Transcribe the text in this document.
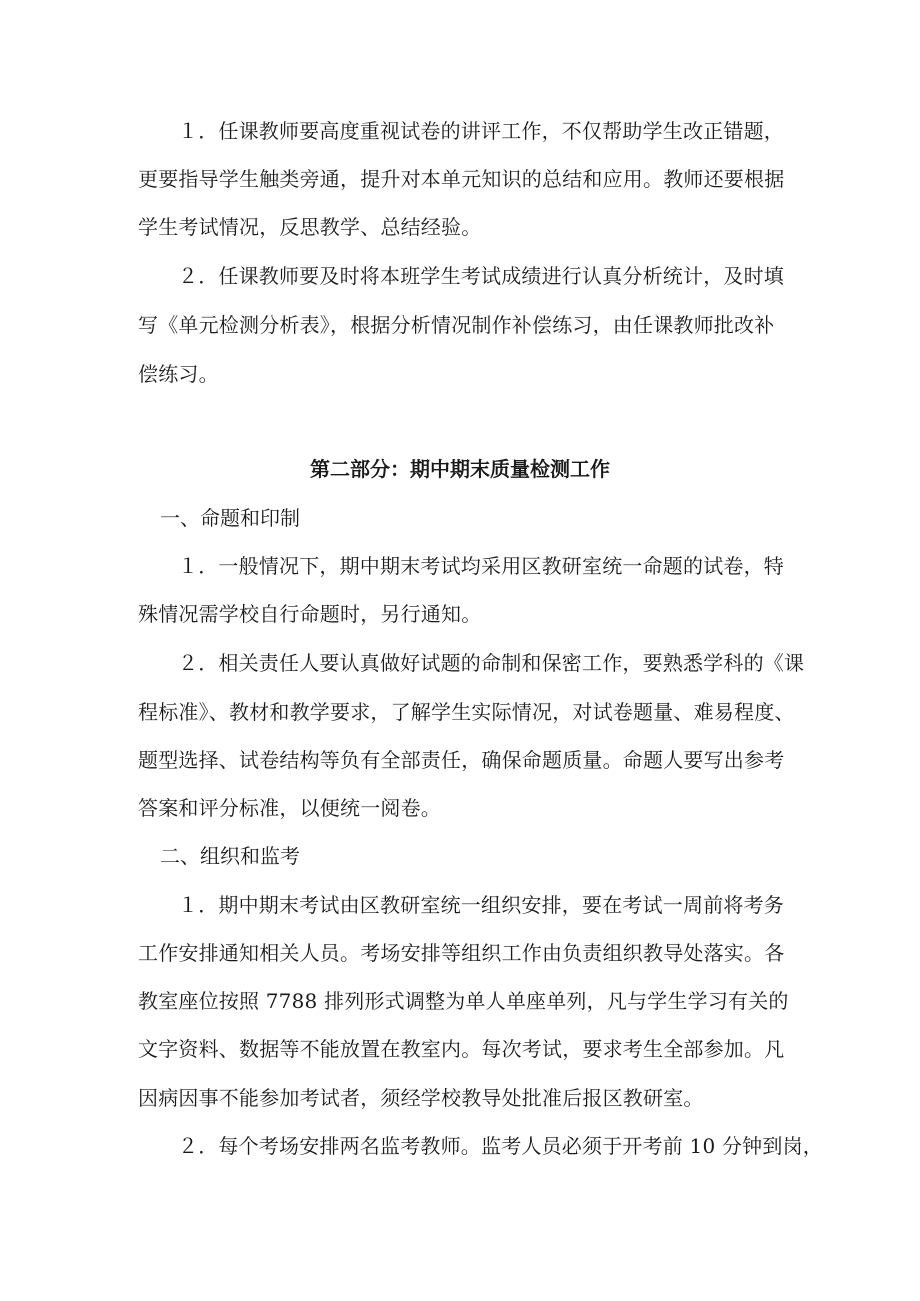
１．任课教师要高度重视试卷的讲评工作，不仅帮助学生改正错题，
更要指导学生触类旁通，提升对本单元知识的总结和应用。教师还要根据
学生考试情况，反思教学、总结经验。
２．任课教师要及时将本班学生考试成绩进行认真分析统计，及时填
写《单元检测分析表》，根据分析情况制作补偿练习，由任课教师批改补
偿练习。
第二部分：期中期末质量检测工作
一、命题和印制
１．一般情况下，期中期末考试均采用区教研室统一命题的试卷，特
殊情况需学校自行命题时，另行通知。
２．相关责任人要认真做好试题的命制和保密工作，要熟悉学科的《课
程标准》、教材和教学要求，了解学生实际情况，对试卷题量、难易程度、
题型选择、试卷结构等负有全部责任，确保命题质量。命题人要写出参考
答案和评分标准，以便统一阅卷。
二、组织和监考
１．期中期末考试由区教研室统一组织安排，要在考试一周前将考务
工作安排通知相关人员。考场安排等组织工作由负责组织教导处落实。各
教室座位按照 7788 排列形式调整为单人单座单列，凡与学生学习有关的
文字资料、数据等不能放置在教室内。每次考试，要求考生全部参加。凡
因病因事不能参加考试者，须经学校教导处批准后报区教研室。
２．每个考场安排两名监考教师。监考人员必须于开考前 10 分钟到岗，
